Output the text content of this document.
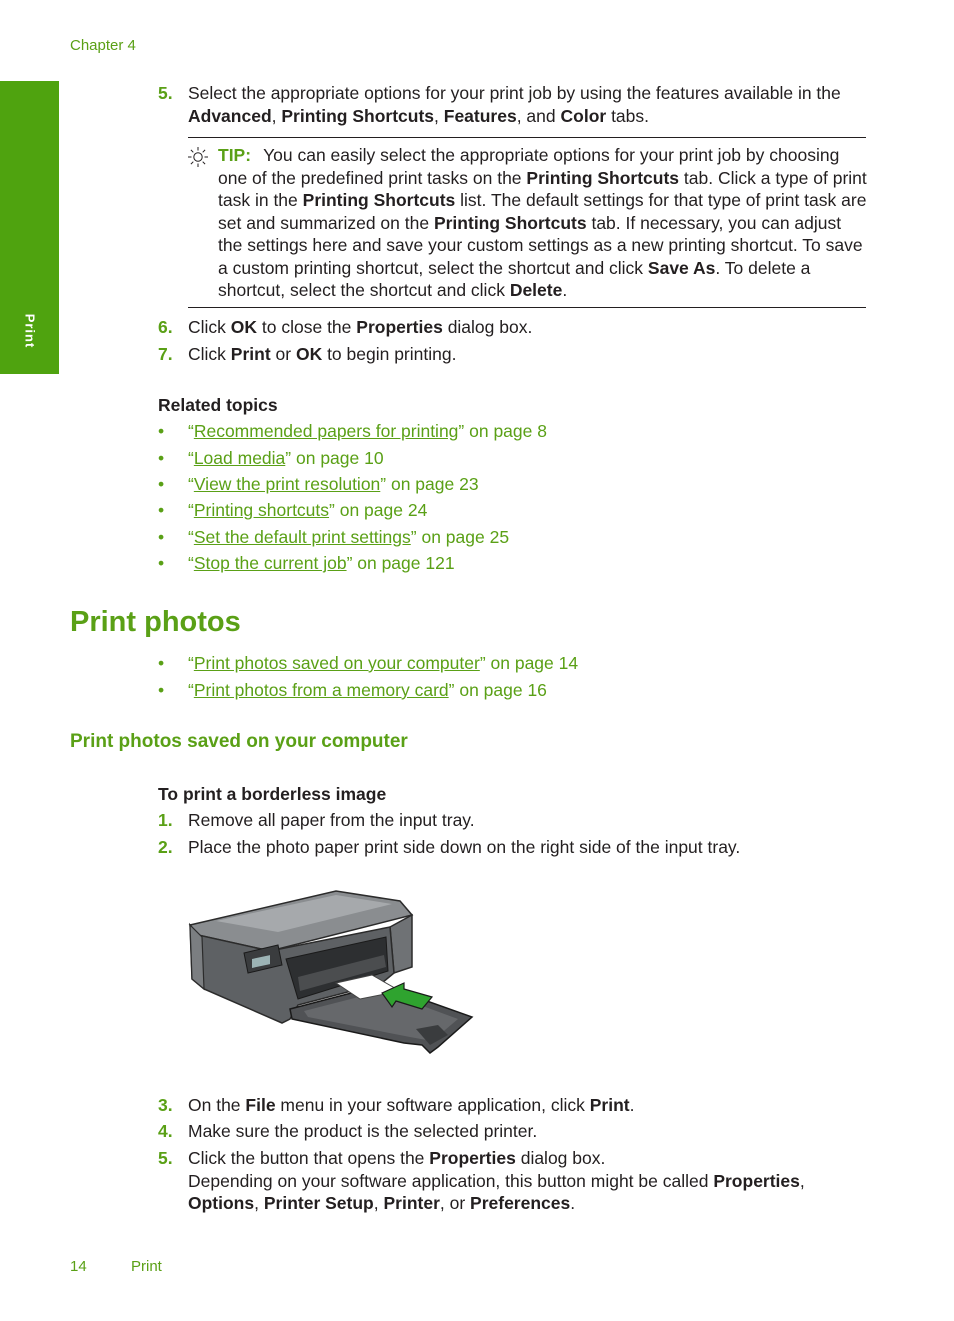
Chapter 4
Print
5. Select the appropriate options for your print job by using the features available in the Advanced, Printing Shortcuts, Features, and Color tabs.
TIP: You can easily select the appropriate options for your print job by choosing one of the predefined print tasks on the Printing Shortcuts tab. Click a type of print task in the Printing Shortcuts list. The default settings for that type of print task are set and summarized on the Printing Shortcuts tab. If necessary, you can adjust the settings here and save your custom settings as a new printing shortcut. To save a custom printing shortcut, select the shortcut and click Save As. To delete a shortcut, select the shortcut and click Delete.
6. Click OK to close the Properties dialog box.
7. Click Print or OK to begin printing.
Related topics
• “Recommended papers for printing” on page 8
• “Load media” on page 10
• “View the print resolution” on page 23
• “Printing shortcuts” on page 24
• “Set the default print settings” on page 25
• “Stop the current job” on page 121
Print photos
• “Print photos saved on your computer” on page 14
• “Print photos from a memory card” on page 16
Print photos saved on your computer
To print a borderless image
1. Remove all paper from the input tray.
2. Place the photo paper print side down on the right side of the input tray.
3. On the File menu in your software application, click Print.
4. Make sure the product is the selected printer.
5. Click the button that opens the Properties dialog box.
Depending on your software application, this button might be called Properties, Options, Printer Setup, Printer, or Preferences.
14	Print
